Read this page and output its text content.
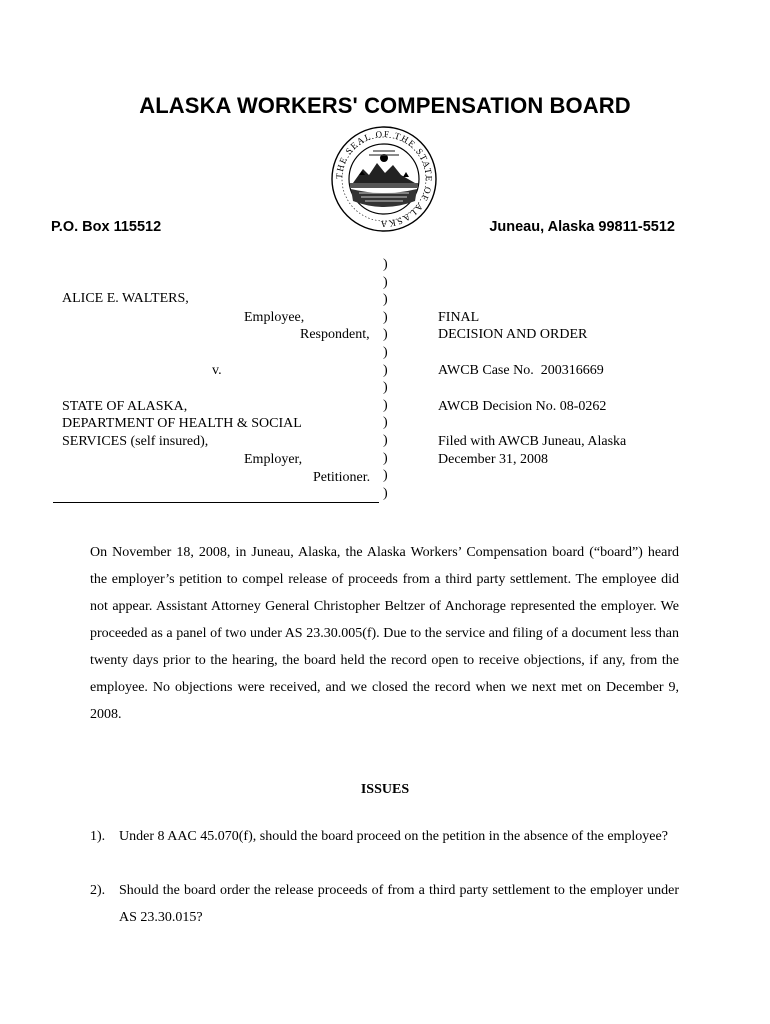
ALASKA WORKERS' COMPENSATION BOARD
THE SEAL OF THE STATE OF ALASKA
P.O. Box 115512	Juneau, Alaska 99811-5512
ALICE E. WALTERS,
Employee,
Respondent,
v.
STATE OF ALASKA,
DEPARTMENT OF HEALTH & SOCIAL
SERVICES (self insured),
Employer,
Petitioner.
)
)
)
)
)
)
)
)
)
)
)
)
)
)
FINAL
DECISION AND ORDER
AWCB Case No.  200316669
AWCB Decision No. 08-0262
Filed with AWCB Juneau, Alaska
December 31, 2008

On November 18, 2008, in Juneau, Alaska, the Alaska Workers’ Compensation board (“board”) heard the employer’s petition to compel release of proceeds from a third party settlement. The employee did not appear. Assistant Attorney General Christopher Beltzer of Anchorage represented the employer. We proceeded as a panel of two under AS 23.30.005(f). Due to the service and filing of a document less than twenty days prior to the hearing, the board held the record open to receive objections, if any, from the employee. No objections were received, and we closed the record when we next met on December 9, 2008.

ISSUES
1). Under 8 AAC 45.070(f), should the board proceed on the petition in the absence of the employee?
2). Should the board order the release proceeds of from a third party settlement to the employer under AS 23.30.015?
